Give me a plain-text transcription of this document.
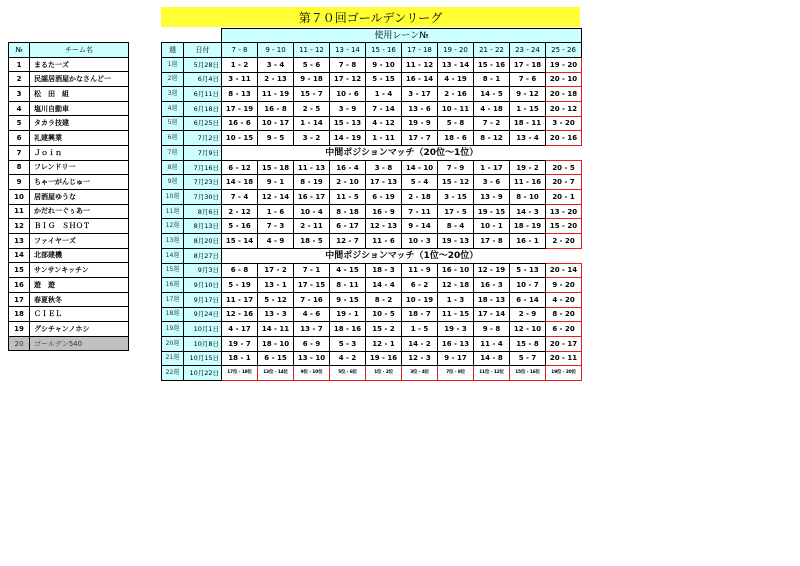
第７０回ゴールデンリーグ
№	チーム名
1	まるた一ズ
2	民謡居酒屋かなさんど一
3	松　田　組
4	塩川自動車
5	タカラ技建
6	礼建興業
7	Ｊｏｉｎ
8	フレンドリ一
9	ちゃ一がんじゅ一
10	居酒屋ゆうな
11	かだれ一ぐぅあ一
12	ＢＩＧ　ＳＨＯＴ
13	ファイヤ一ズ
14	北部建機
15	サンサンキッチン
16	遊　遊
17	春夏秋冬
18	ＣＩＥＬ
19	グシチャンノホシ
20	ゴールデン540
		使用レーン№									
週	日付	7 - 8	9 - 10	11 - 12	13 - 14	15 - 16	17 - 18	19 - 20	21 - 22	23 - 24	25 - 26
1週	5月28日	1 - 2	3 - 4	5 - 6	7 - 8	9 - 10	11 - 12	13 - 14	15 - 16	17 - 18	19 - 20
2週	6月4日	3 - 11	2 - 13	9 - 18	17 - 12	5 - 15	16 - 14	4 - 19	8 - 1	7 - 6	20 - 10
3週	6月11日	8 - 13	11 - 19	15 - 7	10 - 6	1 - 4	3 - 17	2 - 16	14 - 5	9 - 12	20 - 18
4週	6月18日	17 - 19	16 - 8	2 - 5	3 - 9	7 - 14	13 - 6	10 - 11	4 - 18	1 - 15	20 - 12
5週	6月25日	16 - 6	10 - 17	1 - 14	15 - 13	4 - 12	19 - 9	5 - 8	7 - 2	18 - 11	3 - 20
6週	7月2日	10 - 15	9 - 5	3 - 2	14 - 19	1 - 11	17 - 7	18 - 6	8 - 12	13 - 4	20 - 16
7週	7月9日	中間ポジションマッチ（20位～1位）									
8週	7月16日	6 - 12	15 - 18	11 - 13	16 - 4	3 - 8	14 - 10	7 - 9	1 - 17	19 - 2	20 - 5
9週	7月23日	14 - 18	9 - 1	8 - 19	2 - 10	17 - 13	5 - 4	15 - 12	3 - 6	11 - 16	20 - 7
10週	7月30日	7 - 4	12 - 14	16 - 17	11 - 5	6 - 19	2 - 18	3 - 15	13 - 9	8 - 10	20 - 1
11週	8月6日	2 - 12	1 - 6	10 - 4	8 - 18	16 - 9	7 - 11	17 - 5	19 - 15	14 - 3	13 - 20
12週	8月13日	5 - 16	7 - 3	2 - 11	6 - 17	12 - 13	9 - 14	8 - 4	10 - 1	18 - 19	15 - 20
13週	8月20日	15 - 14	4 - 9	18 - 5	12 - 7	11 - 6	10 - 3	19 - 13	17 - 8	16 - 1	2 - 20
14週	8月27日	中間ポジションマッチ（1位～20位）									
15週	9月3日	6 - 8	17 - 2	7 - 1	4 - 15	18 - 3	11 - 9	16 - 10	12 - 19	5 - 13	20 - 14
16週	9月10日	5 - 19	13 - 1	17 - 15	8 - 11	14 - 4	6 - 2	12 - 18	16 - 3	10 - 7	9 - 20
17週	9月17日	11 - 17	5 - 12	7 - 16	9 - 15	8 - 2	10 - 19	1 - 3	18 - 13	6 - 14	4 - 20
18週	9月24日	12 - 16	13 - 3	4 - 6	19 - 1	10 - 5	18 - 7	11 - 15	17 - 14	2 - 9	8 - 20
19週	10月1日	4 - 17	14 - 11	13 - 7	18 - 16	15 - 2	1 - 5	19 - 3	9 - 8	12 - 10	6 - 20
20週	10月8日	19 - 7	18 - 10	6 - 9	5 - 3	12 - 1	14 - 2	16 - 13	11 - 4	15 - 8	20 - 17
21週	10月15日	18 - 1	6 - 15	13 - 10	4 - 2	19 - 16	12 - 3	9 - 17	14 - 8	5 - 7	20 - 11
22週	10月22日	17位 - 18位	13位 - 14位	9位 - 10位	5位 - 6位	1位 - 2位	3位 - 4位	7位 - 8位	11位 - 12位	15位 - 16位	19位 - 20位
